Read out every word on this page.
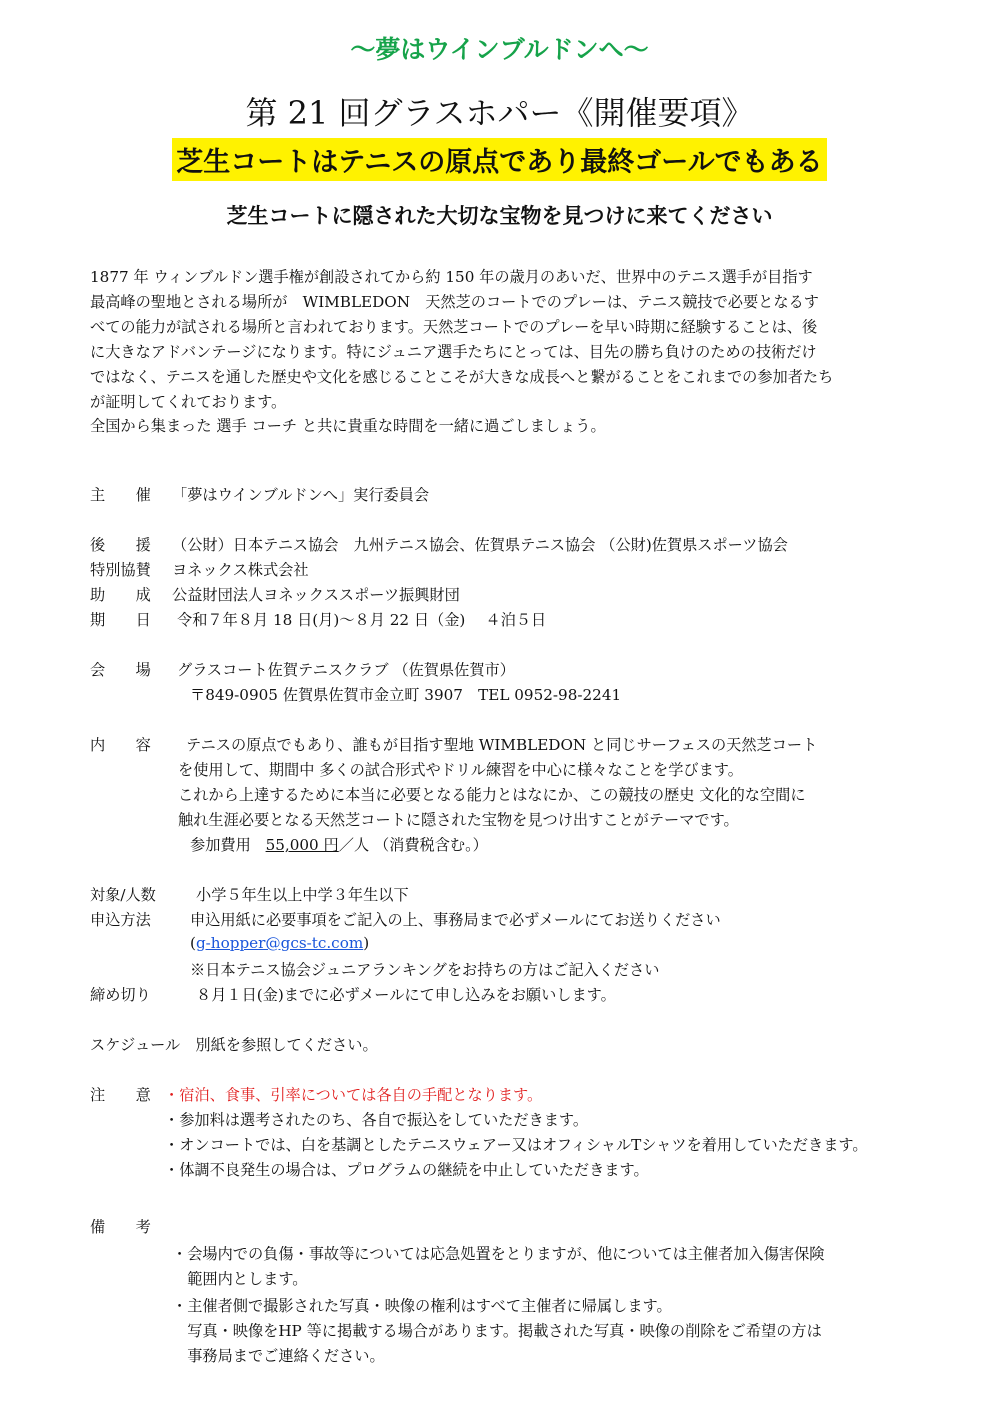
〜夢はウインブルドンへ〜
第 21 回グラスホパー《開催要項》
芝生コートはテニスの原点であり最終ゴールでもある
芝生コートに隠された大切な宝物を見つけに来てください
1877 年 ウィンブルドン選手権が創設されてから約 150 年の歳月のあいだ、世界中のテニス選手が目指す
最高峰の聖地とされる場所が　WIMBLEDON　天然芝のコートでのプレーは、テニス競技で必要となるす
べての能力が試される場所と言われております。天然芝コートでのプレーを早い時期に経験することは、後
に大きなアドバンテージになります。特にジュニア選手たちにとっては、目先の勝ち負けのための技術だけ
ではなく、テニスを通した歴史や文化を感じることこそが大きな成長へと繋がることをこれまでの参加者たち
が証明してくれております。
全国から集まった 選手 コーチ と共に貴重な時間を一緒に過ごしましょう。
主　　催 「夢はウインブルドンへ」実行委員会
後　　援 （公財）日本テニス協会　九州テニス協会、佐賀県テニス協会 （公財)佐賀県スポーツ協会
特別協賛 ヨネックス株式会社
助　　成 公益財団法人ヨネックススポーツ振興財団
期　　日 令和７年８月 18 日(月)～８月 22 日（金)　 ４泊５日
会　　場 グラスコート佐賀テニスクラブ （佐賀県佐賀市）
〒849-0905 佐賀県佐賀市金立町 3907　TEL 0952-98-2241
内　　容 テニスの原点でもあり、誰もが目指す聖地 WIMBLEDON と同じサーフェスの天然芝コート
を使用して、期間中 多くの試合形式やドリル練習を中心に様々なことを学びます。
これから上達するために本当に必要となる能力とはなにか、この競技の歴史 文化的な空間に
触れ生涯必要となる天然芝コートに隠された宝物を見つけ出すことがテーマです。
参加費用 55,000 円／人 （消費税含む。）
対象/人数	小学５年生以上中学３年生以下
申込方法	申込用紙に必要事項をご記入の上、事務局まで必ずメールにてお送りください
(g-hopper@gcs-tc.com)
※日本テニス協会ジュニアランキングをお持ちの方はご記入ください
締め切り	８月１日(金)までに必ずメールにて申し込みをお願いします。
スケジュール　別紙を参照してください。
注　　意 ・宿泊、食事、引率については各自の手配となります。
・参加料は選考されたのち、各自で振込をしていただきます。
・オンコートでは、白を基調としたテニスウェアー又はオフィシャルTシャツを着用していただきます。
・体調不良発生の場合は、プログラムの継続を中止していただきます。
備　　考
・会場内での負傷・事故等については応急処置をとりますが、他については主催者加入傷害保険
　範囲内とします。
・主催者側で撮影された写真・映像の権利はすべて主催者に帰属します。
　写真・映像をHP 等に掲載する場合があります。掲載された写真・映像の削除をご希望の方は
　事務局までご連絡ください。
